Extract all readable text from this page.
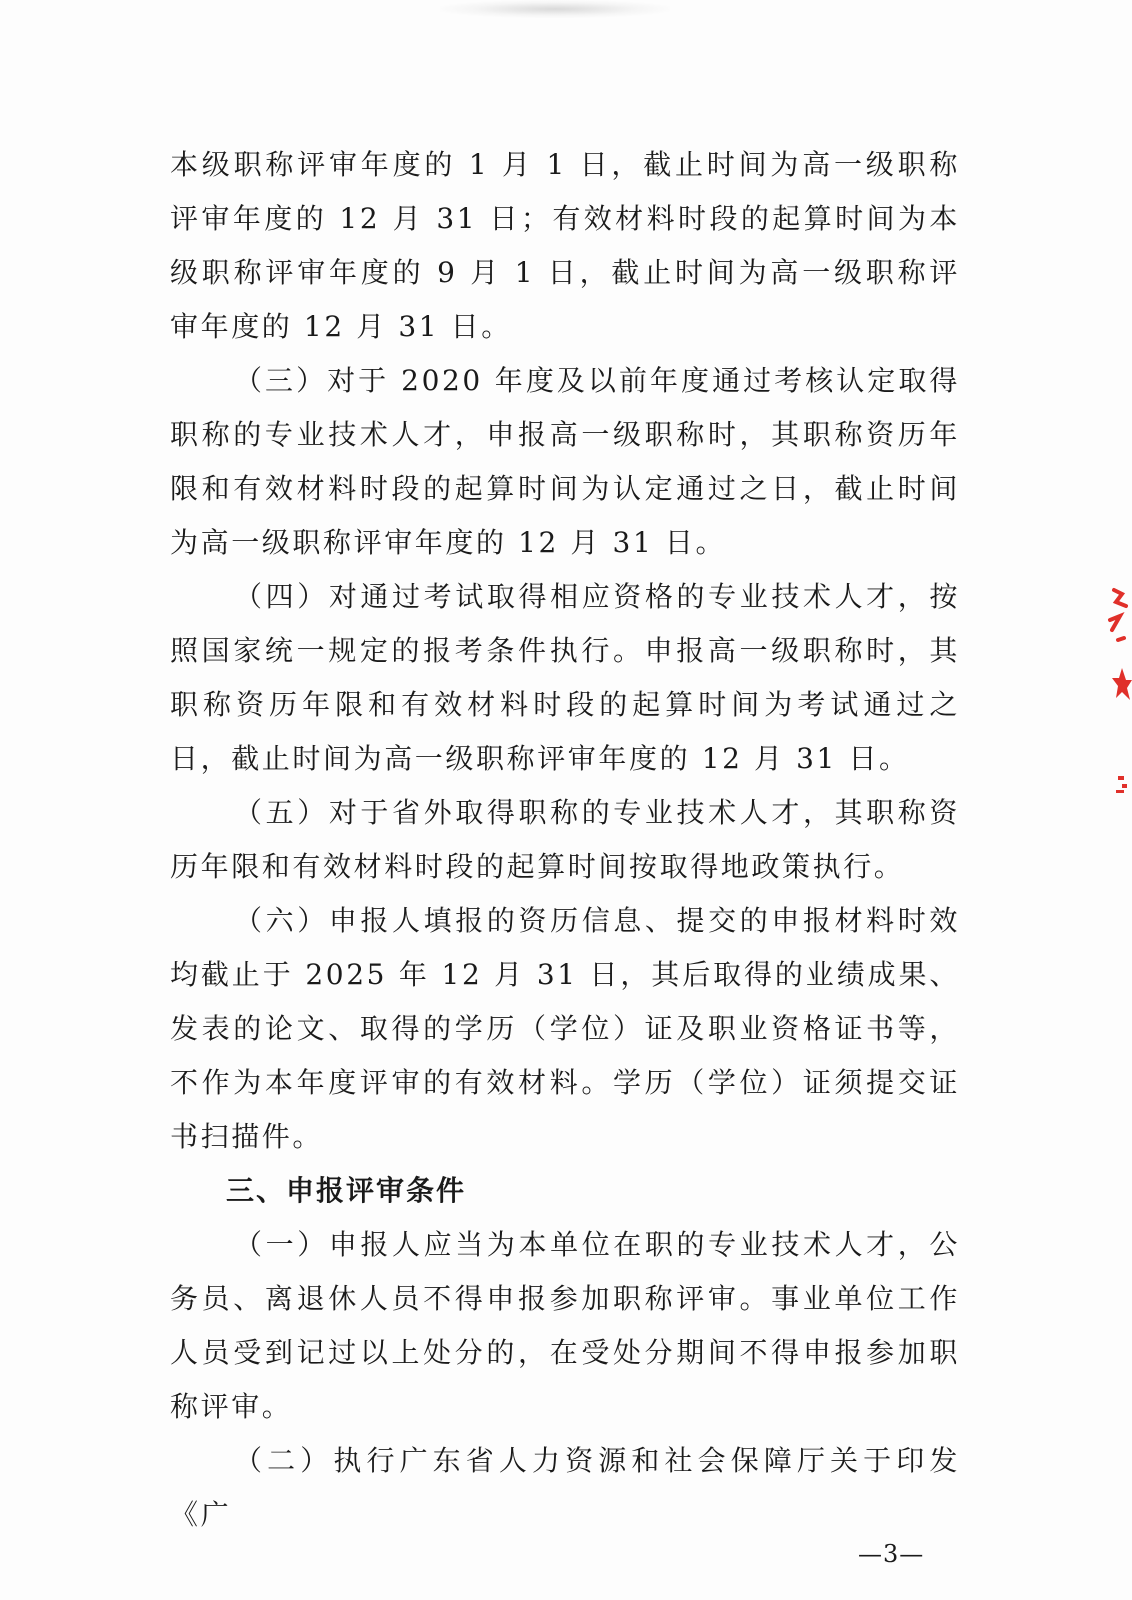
本级职称评审年度的 1 月 1 日，截止时间为高一级职称评审年度的 12 月 31 日；有效材料时段的起算时间为本级职称评审年度的 9 月 1 日，截止时间为高一级职称评审年度的 12 月 31 日。

（三）对于 2020 年度及以前年度通过考核认定取得职称的专业技术人才，申报高一级职称时，其职称资历年限和有效材料时段的起算时间为认定通过之日，截止时间为高一级职称评审年度的 12 月 31 日。

（四）对通过考试取得相应资格的专业技术人才，按照国家统一规定的报考条件执行。申报高一级职称时，其职称资历年限和有效材料时段的起算时间为考试通过之日，截止时间为高一级职称评审年度的 12 月 31 日。

（五）对于省外取得职称的专业技术人才，其职称资历年限和有效材料时段的起算时间按取得地政策执行。

（六）申报人填报的资历信息、提交的申报材料时效均截止于 2025 年 12 月 31 日，其后取得的业绩成果、发表的论文、取得的学历（学位）证及职业资格证书等，不作为本年度评审的有效材料。学历（学位）证须提交证书扫描件。

三、申报评审条件

（一）申报人应当为本单位在职的专业技术人才，公务员、离退休人员不得申报参加职称评审。事业单位工作人员受到记过以上处分的，在受处分期间不得申报参加职称评审。

（二）执行广东省人力资源和社会保障厅关于印发《广

—3—
